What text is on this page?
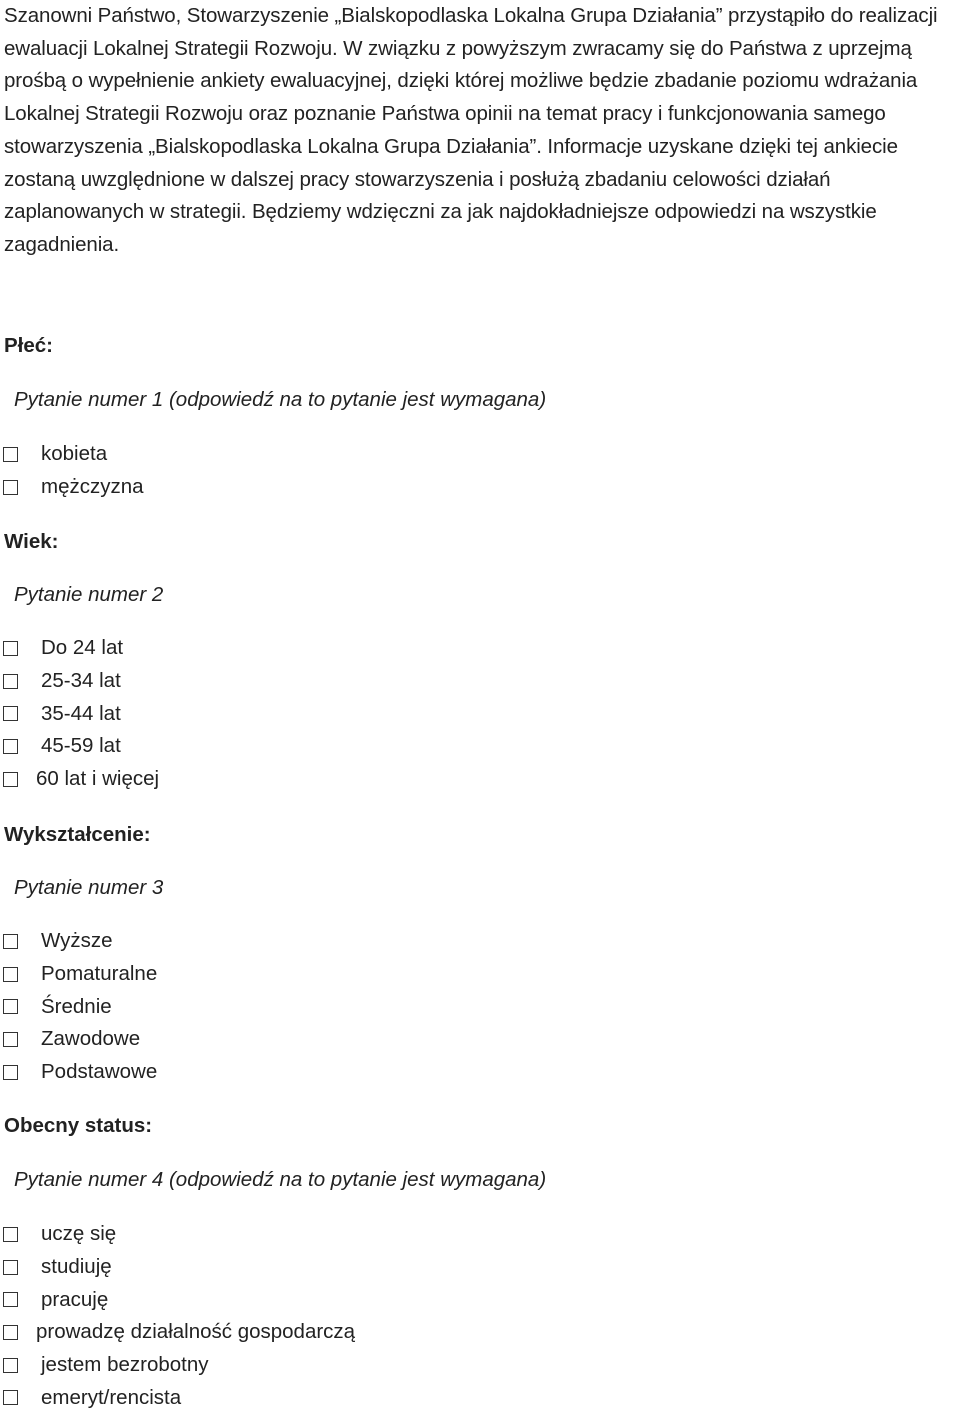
Szanowni Państwo, Stowarzyszenie „Bialskopodlaska Lokalna Grupa Działania” przystąpiło do realizacji ewaluacji Lokalnej Strategii Rozwoju. W związku z powyższym zwracamy się do Państwa z uprzejmą prośbą o wypełnienie ankiety ewaluacyjnej, dzięki której możliwe będzie zbadanie poziomu wdrażania Lokalnej Strategii Rozwoju oraz poznanie Państwa opinii na temat pracy i funkcjonowania samego stowarzyszenia „Bialskopodlaska Lokalna Grupa Działania”. Informacje uzyskane dzięki tej ankiecie zostaną uwzględnione w dalszej pracy stowarzyszenia i posłużą zbadaniu celowości działań zaplanowanych w strategii. Będziemy wdzięczni za jak najdokładniejsze odpowiedzi na wszystkie zagadnienia.

Płeć:

Pytanie numer 1 (odpowiedź na to pytanie jest wymagana)

kobieta
mężczyzna

Wiek:

Pytanie numer 2

Do 24 lat
25-34 lat
35-44 lat
45-59 lat
60 lat i więcej

Wykształcenie:

Pytanie numer 3

Wyższe
Pomaturalne
Średnie
Zawodowe
Podstawowe

Obecny status:

Pytanie numer 4 (odpowiedź na to pytanie jest wymagana)

uczę się
studiuję
pracuję
prowadzę działalność gospodarczą
jestem bezrobotny
emeryt/rencista
